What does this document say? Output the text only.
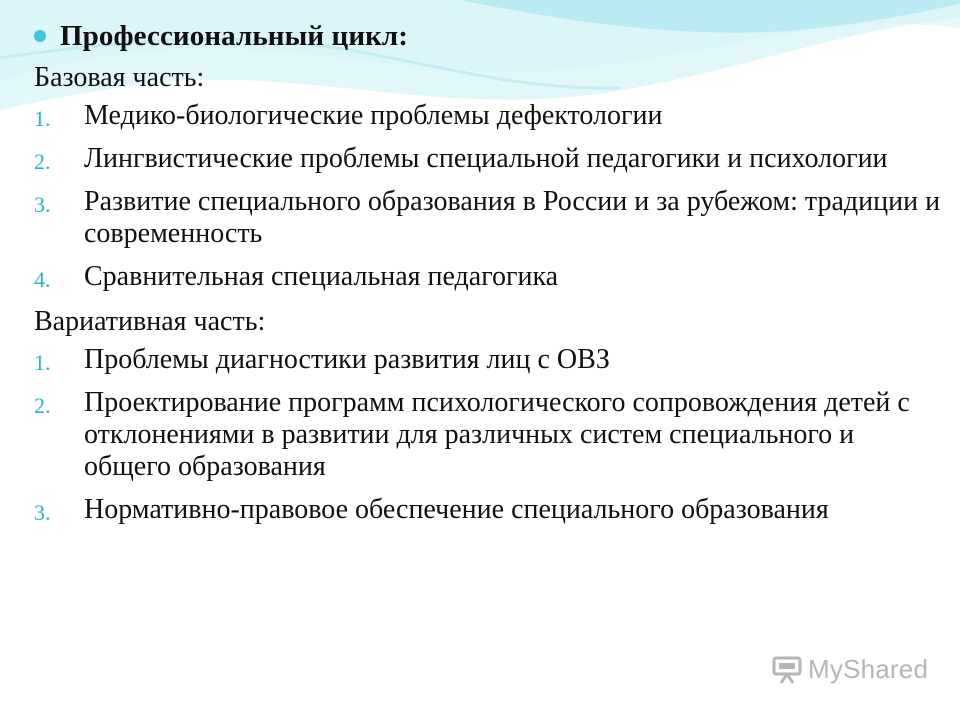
Профессиональный цикл:
Базовая часть:
1. Медико-биологические проблемы дефектологии
2. Лингвистические проблемы специальной педагогики и психологии
3. Развитие специального образования в России и за рубежом: традиции и современность
4. Сравнительная специальная педагогика
Вариативная часть:
1. Проблемы диагностики развития лиц с ОВЗ
2. Проектирование программ психологического сопровождения детей с отклонениями в развитии для различных систем специального и общего образования
3. Нормативно-правовое обеспечение специального образования
MyShared
